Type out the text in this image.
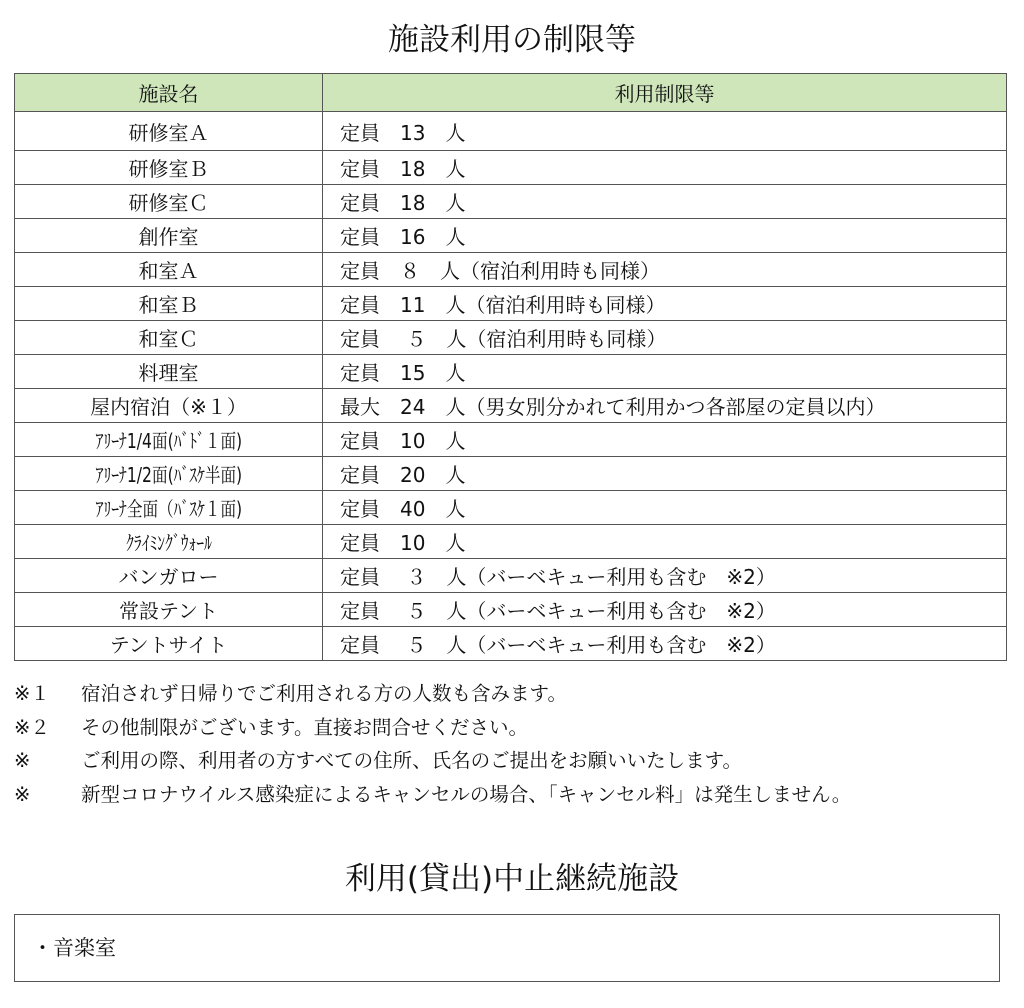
施設利用の制限等
施設名	利用制限等
研修室Ａ	定員　13　人
研修室Ｂ	定員　18　人
研修室Ｃ	定員　18　人
創作室	定員　16　人
和室Ａ	定員　８　人（宿泊利用時も同様）
和室Ｂ	定員　11　人（宿泊利用時も同様）
和室Ｃ	定員　 ５　人（宿泊利用時も同様）
料理室	定員　15　人
屋内宿泊（※１）	最大　24　人（男女別分かれて利用かつ各部屋の定員以内）
ｱﾘｰﾅ1/4面(ﾊﾞﾄﾞ１面)	定員　10　人
ｱﾘｰﾅ1/2面(ﾊﾞｽｹ半面)	定員　20　人
ｱﾘｰﾅ全面（ﾊﾞｽｹ１面)	定員　40　人
ｸﾗｲﾐﾝｸﾞｳｫｰﾙ	定員　10　人
バンガロー	定員　 ３　人（バーベキュー利用も含む　※2）
常設テント	定員　 ５　人（バーベキュー利用も含む　※2）
テントサイト	定員　 ５　人（バーベキュー利用も含む　※2）
※１ 宿泊されず日帰りでご利用される方の人数も含みます。
※２ その他制限がございます。直接お問合せください。
※	ご利用の際、利用者の方すべての住所、氏名のご提出をお願いいたします。
※	新型コロナウイルス感染症によるキャンセルの場合、「キャンセル料」は発生しません。
利用(貸出)中止継続施設
・音楽室
